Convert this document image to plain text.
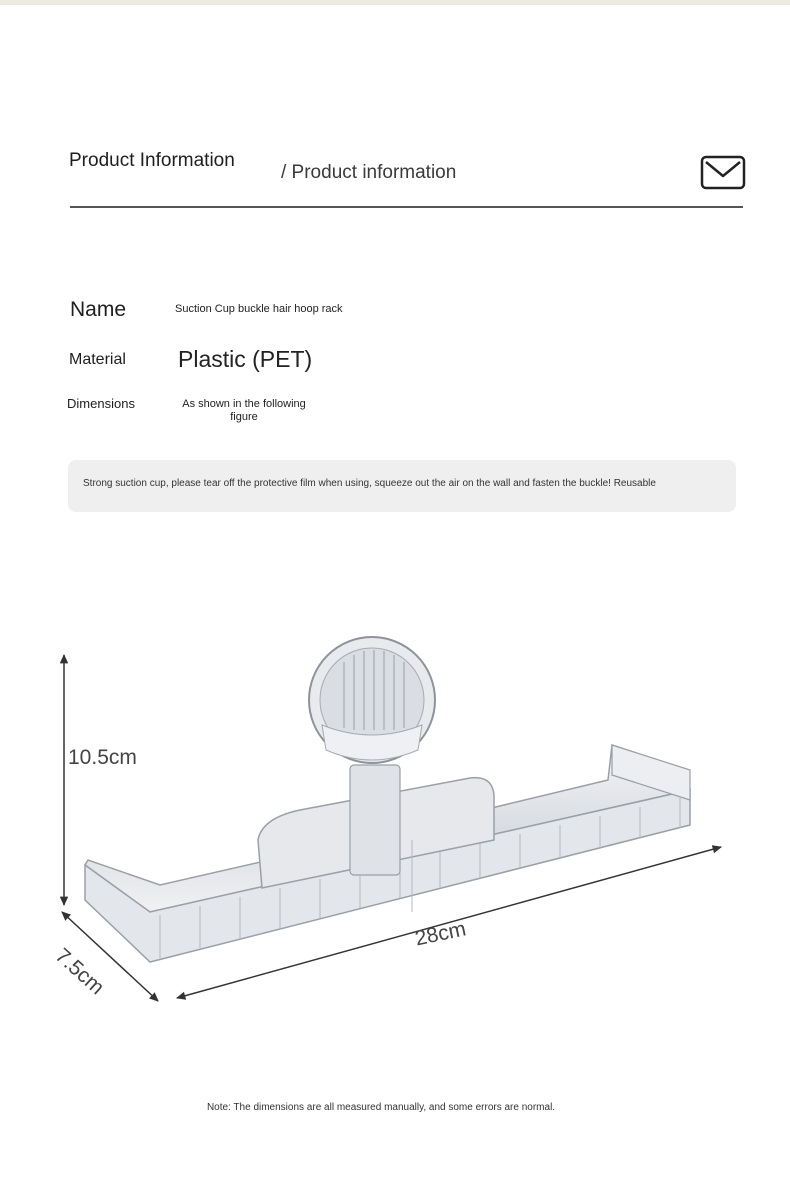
Product Information
/ Product information
Name	Suction Cup buckle hair hoop rack
Material Plastic (PET)
Dimensions	As shown in the following figure
Strong suction cup, please tear off the protective film when using, squeeze out the air on the wall and fasten the buckle! Reusable
10.5cm
28cm
7.5cm
Note: The dimensions are all measured manually, and some errors are normal.
